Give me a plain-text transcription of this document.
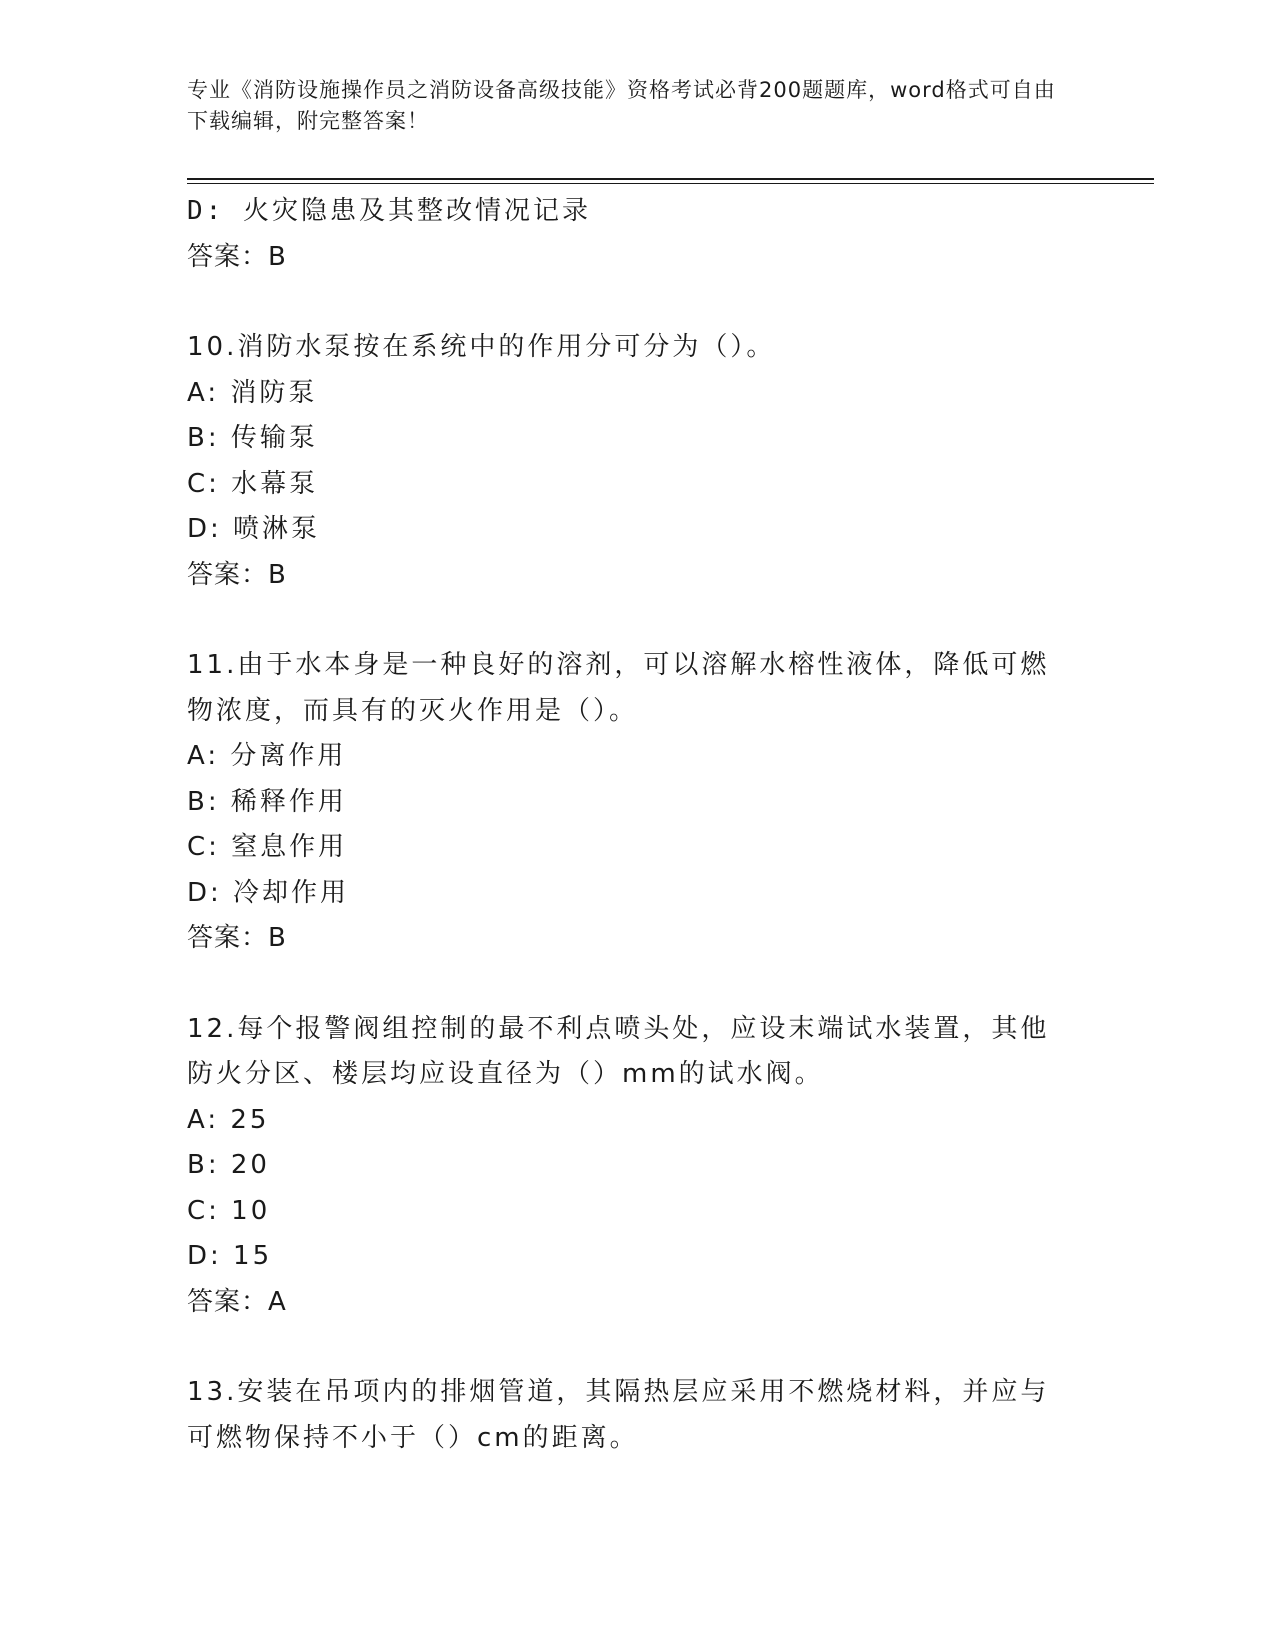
专业《消防设施操作员之消防设备高级技能》资格考试必背200题题库，word格式可自由下载编辑，附完整答案！
D: 火灾隐患及其整改情况记录
答案：B
10.消防水泵按在系统中的作用分可分为（）。
A: 消防泵
B: 传输泵
C: 水幕泵
D: 喷淋泵
答案：B
11.由于水本身是一种良好的溶剂，可以溶解水榕性液体，降低可燃物浓度，而具有的灭火作用是（）。
A: 分离作用
B: 稀释作用
C: 窒息作用
D: 冷却作用
答案：B
12.每个报警阀组控制的最不利点喷头处，应设末端试水装置，其他防火分区、楼层均应设直径为（）mm的试水阀。
A: 25
B: 20
C: 10
D: 15
答案：A
13.安装在吊项内的排烟管道，其隔热层应采用不燃烧材料，并应与可燃物保持不小于（）cm的距离。
